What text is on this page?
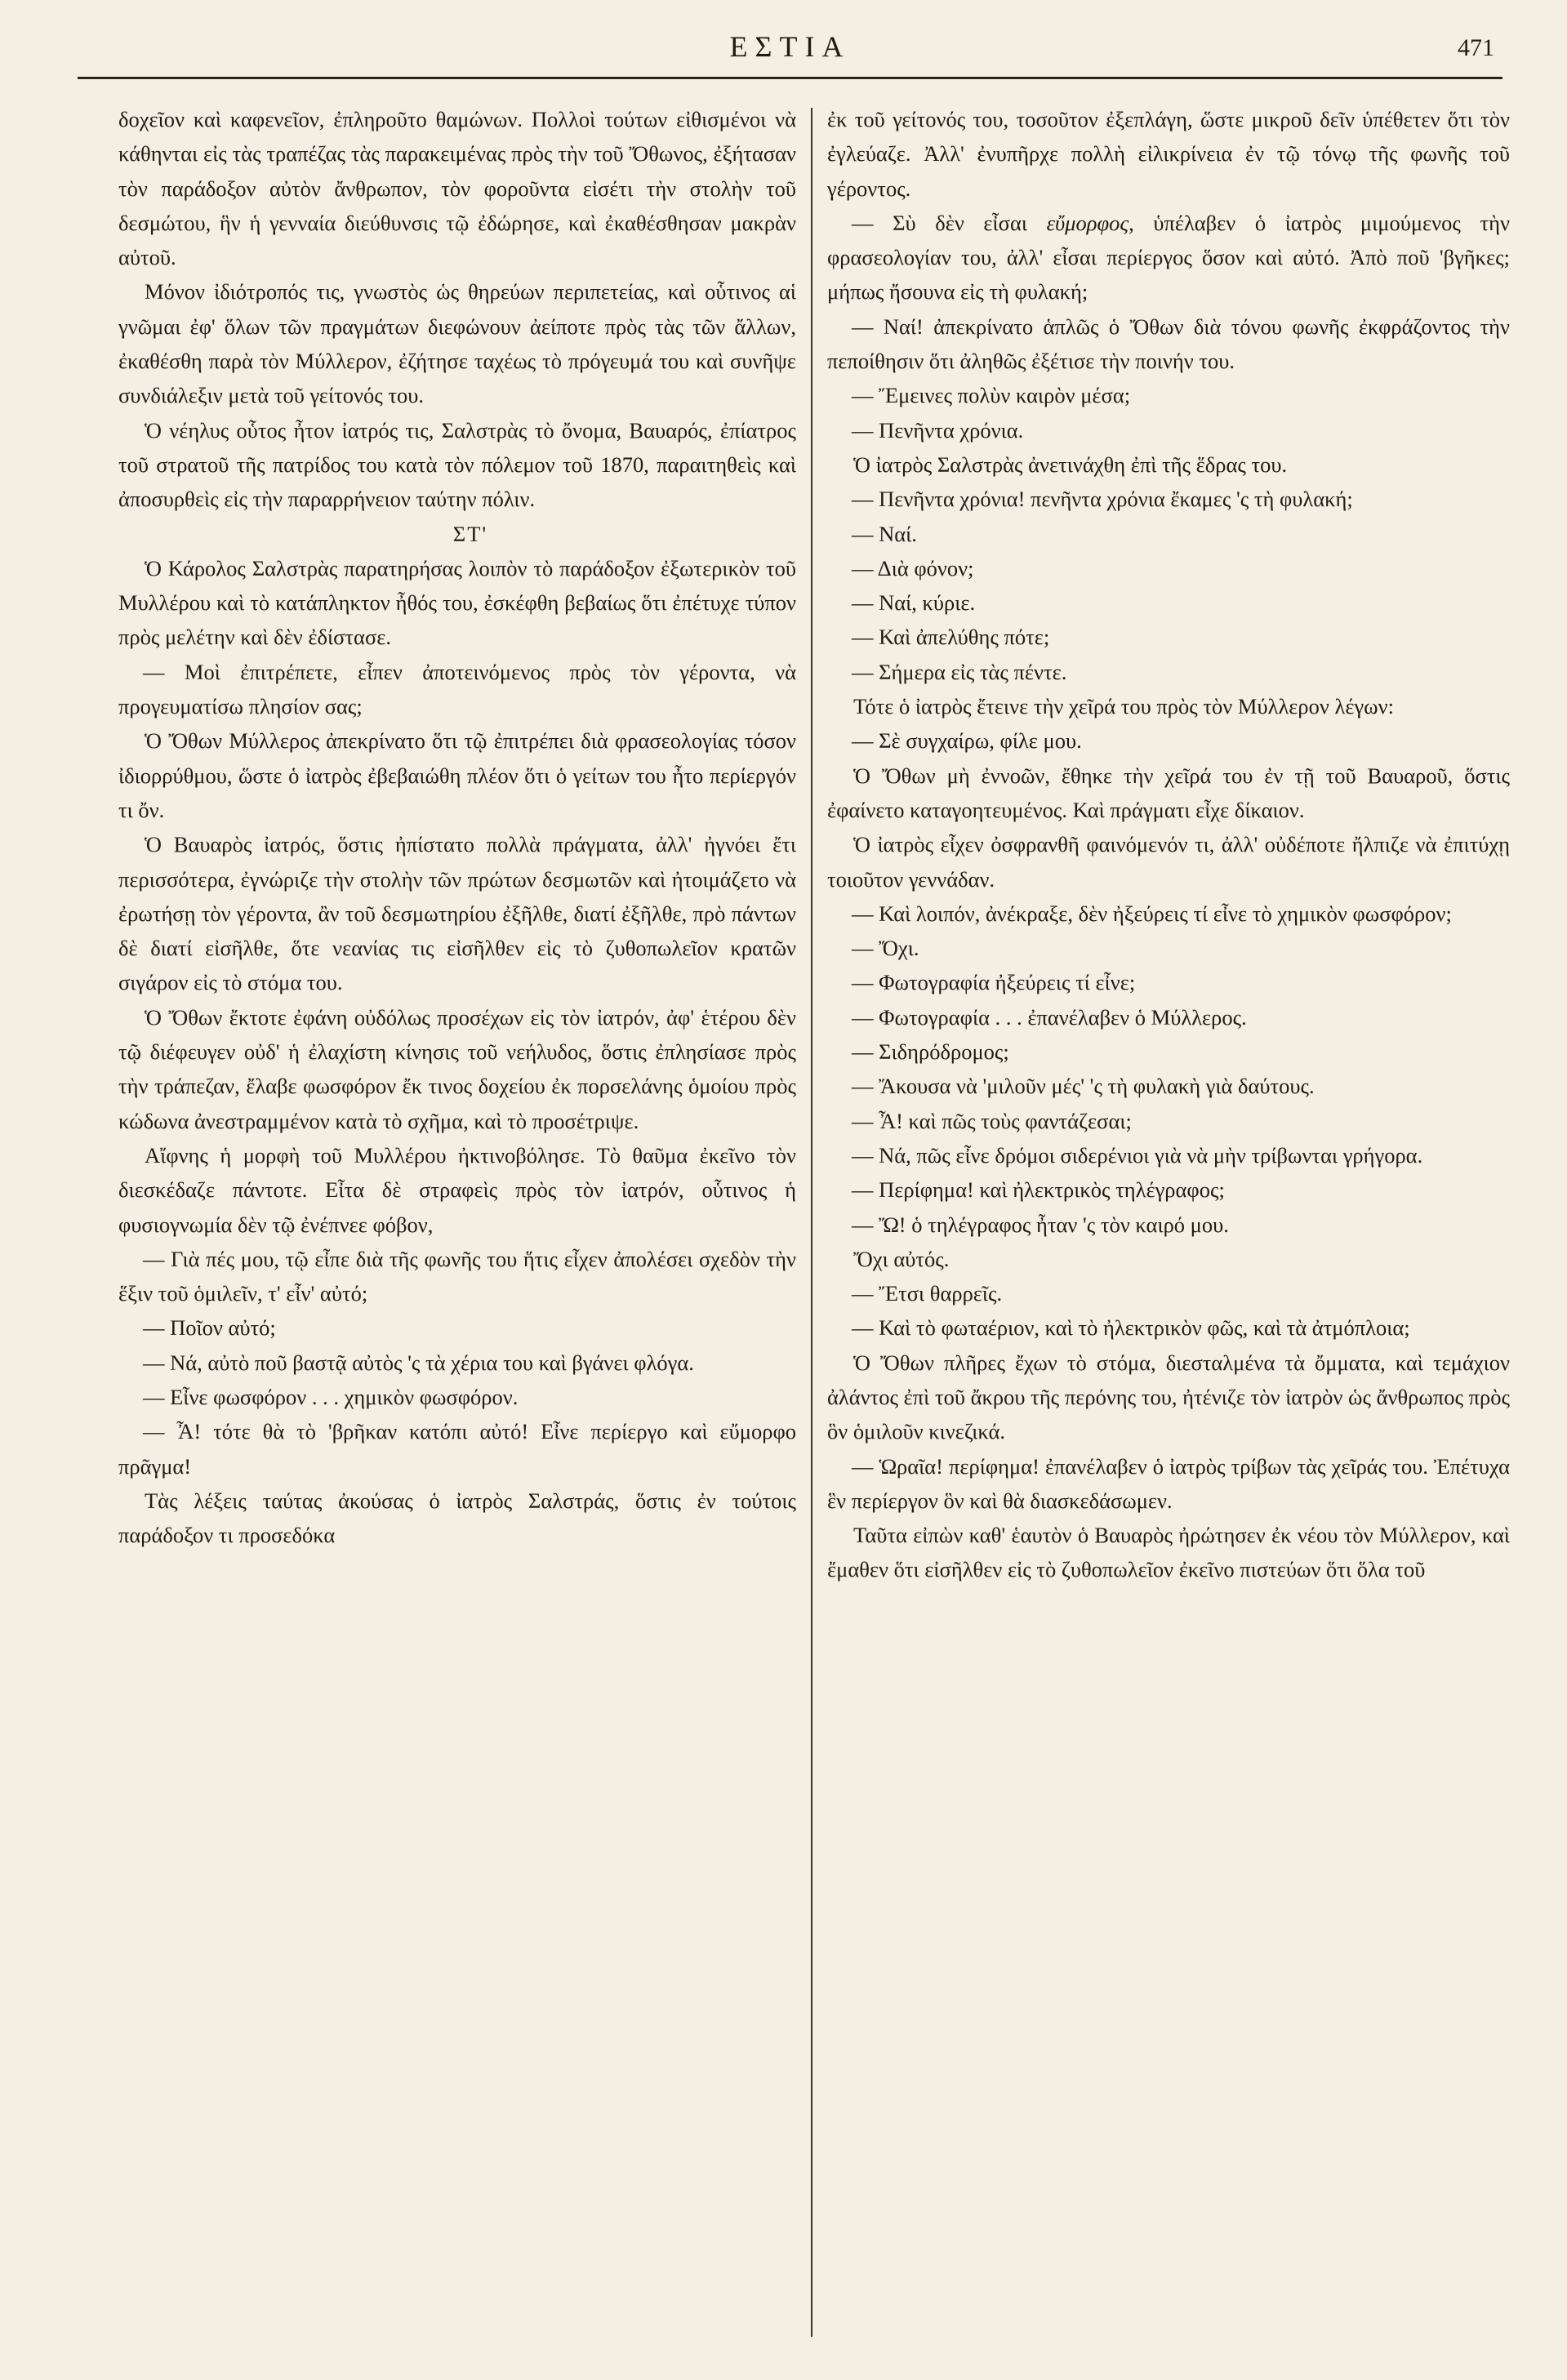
ΕΣΤΙΑ	471

δοχεῖον καὶ καφενεῖον, ἐπληροῦτο θαμώνων. Πολλοὶ τούτων εἰθισμένοι νὰ κάθηνται εἰς τὰς τραπέζας τὰς παρακειμένας πρὸς τὴν τοῦ Ὄθωνος, ἐξήτασαν τὸν παράδοξον αὐτὸν ἄνθρωπον, τὸν φοροῦντα εἰσέτι τὴν στολὴν τοῦ δεσμώτου, ἣν ἡ γενναία διεύθυνσις τῷ ἐδώρησε, καὶ ἐκαθέσθησαν μακρὰν αὐτοῦ.

Μόνον ἰδιότροπός τις, γνωστὸς ὡς θηρεύων περιπετείας, καὶ οὗτινος αἱ γνῶμαι ἐφ' ὅλων τῶν πραγμάτων διεφώνουν ἀείποτε πρὸς τὰς τῶν ἄλλων, ἐκαθέσθη παρὰ τὸν Μύλλερον, ἐζήτησε ταχέως τὸ πρόγευμά του καὶ συνῆψε συνδιάλεξιν μετὰ τοῦ γείτονός του.

Ὁ νέηλυς οὗτος ἦτον ἰατρός τις, Σαλστρὰς τὸ ὄνομα, Βαυαρός, ἐπίατρος τοῦ στρατοῦ τῆς πατρίδος του κατὰ τὸν πόλεμον τοῦ 1870, παραιτηθεὶς καὶ ἀποσυρθεὶς εἰς τὴν παραρρήνειον ταύτην πόλιν.

ΣΤ'

Ὁ Κάρολος Σαλστρὰς παρατηρήσας λοιπὸν τὸ παράδοξον ἐξωτερικὸν τοῦ Μυλλέρου καὶ τὸ κατάπληκτον ἦθός του, ἐσκέφθη βεβαίως ὅτι ἐπέτυχε τύπον πρὸς μελέτην καὶ δὲν ἐδίστασε.

— Μοὶ ἐπιτρέπετε, εἶπεν ἀποτεινόμενος πρὸς τὸν γέροντα, νὰ προγευματίσω πλησίον σας;

Ὁ Ὄθων Μύλλερος ἀπεκρίνατο ὅτι τῷ ἐπιτρέπει διὰ φρασεολογίας τόσον ἰδιορρύθμου, ὥστε ὁ ἰατρὸς ἐβεβαιώθη πλέον ὅτι ὁ γείτων του ἦτο περίεργόν τι ὄν.

Ὁ Βαυαρὸς ἰατρός, ὅστις ἠπίστατο πολλὰ πράγματα, ἀλλ' ἠγνόει ἔτι περισσότερα, ἐγνώριζε τὴν στολὴν τῶν πρώτων δεσμωτῶν καὶ ἠτοιμάζετο νὰ ἐρωτήσῃ τὸν γέροντα, ἂν τοῦ δεσμωτηρίου ἐξῆλθε, διατί ἐξῆλθε, πρὸ πάντων δὲ διατί εἰσῆλθε, ὅτε νεανίας τις εἰσῆλθεν εἰς τὸ ζυθοπωλεῖον κρατῶν σιγάρον εἰς τὸ στόμα του.

Ὁ Ὄθων ἔκτοτε ἐφάνη οὐδόλως προσέχων εἰς τὸν ἰατρόν, ἀφ' ἑτέρου δὲν τῷ διέφευγεν οὐδ' ἡ ἐλαχίστη κίνησις τοῦ νεήλυδος, ὅστις ἐπλησίασε πρὸς τὴν τράπεζαν, ἔλαβε φωσφόρον ἔκ τινος δοχείου ἐκ πορσελάνης ὁμοίου πρὸς κώδωνα ἀνεστραμμένον κατὰ τὸ σχῆμα, καὶ τὸ προσέτριψε.

Αἴφνης ἡ μορφὴ τοῦ Μυλλέρου ἠκτινοβόλησε. Τὸ θαῦμα ἐκεῖνο τὸν διεσκέδαζε πάντοτε. Εἶτα δὲ στραφεὶς πρὸς τὸν ἰατρόν, οὗτινος ἡ φυσιογνωμία δὲν τῷ ἐνέπνεε φόβον,

— Γιὰ πές μου, τῷ εἶπε διὰ τῆς φωνῆς του ἥτις εἶχεν ἀπολέσει σχεδὸν τὴν ἕξιν τοῦ ὁμιλεῖν, τ' εἶν' αὐτό;

— Ποῖον αὐτό;

— Νά, αὐτὸ ποῦ βαστᾷ αὐτὸς 'ς τὰ χέρια του καὶ βγάνει φλόγα.

— Εἶνε φωσφόρον . . . χημικὸν φωσφόρον.

— Ἆ! τότε θὰ τὸ 'βρῆκαν κατόπι αὐτό! Εἶνε περίεργο καὶ εὔμορφο πρᾶγμα!

Τὰς λέξεις ταύτας ἀκούσας ὁ ἰατρὸς Σαλστράς, ὅστις ἐν τούτοις παράδοξον τι προσεδόκα

ἐκ τοῦ γείτονός του, τοσοῦτον ἐξεπλάγη, ὥστε μικροῦ δεῖν ὑπέθετεν ὅτι τὸν ἐγλεύαζε. Ἀλλ' ἐνυπῆρχε πολλὴ εἰλικρίνεια ἐν τῷ τόνῳ τῆς φωνῆς τοῦ γέροντος.

— Σὺ δὲν εἶσαι εὔμορφος, ὑπέλαβεν ὁ ἰατρὸς μιμούμενος τὴν φρασεολογίαν του, ἀλλ' εἶσαι περίεργος ὅσον καὶ αὐτό. Ἀπὸ ποῦ 'βγῆκες; μήπως ἤσουνα εἰς τὴ φυλακή;

— Ναί! ἀπεκρίνατο ἁπλῶς ὁ Ὄθων διὰ τόνου φωνῆς ἐκφράζοντος τὴν πεποίθησιν ὅτι ἀληθῶς ἐξέτισε τὴν ποινήν του.

— Ἔμεινες πολὺν καιρὸν μέσα;

— Πενῆντα χρόνια.

Ὁ ἰατρὸς Σαλστρὰς ἀνετινάχθη ἐπὶ τῆς ἕδρας του.

— Πενῆντα χρόνια! πενῆντα χρόνια ἔκαμες 'ς τὴ φυλακή;

— Ναί.

— Διὰ φόνον;

— Ναί, κύριε.

— Καὶ ἀπελύθης πότε;

— Σήμερα εἰς τὰς πέντε.

Τότε ὁ ἰατρὸς ἔτεινε τὴν χεῖρά του πρὸς τὸν Μύλλερον λέγων:

— Σὲ συγχαίρω, φίλε μου.

Ὁ Ὄθων μὴ ἐννοῶν, ἔθηκε τὴν χεῖρά του ἐν τῇ τοῦ Βαυαροῦ, ὅστις ἐφαίνετο καταγοητευμένος. Καὶ πράγματι εἶχε δίκαιον.

Ὁ ἰατρὸς εἶχεν ὀσφρανθῆ φαινόμενόν τι, ἀλλ' οὐδέποτε ἤλπιζε νὰ ἐπιτύχῃ τοιοῦτον γεννάδαν.

— Καὶ λοιπόν, ἀνέκραξε, δὲν ἠξεύρεις τί εἶνε τὸ χημικὸν φωσφόρον;

— Ὄχι.

— Φωτογραφία ἠξεύρεις τί εἶνε;

— Φωτογραφία . . . ἐπανέλαβεν ὁ Μύλλερος.

— Σιδηρόδρομος;

— Ἄκουσα νὰ 'μιλοῦν μές' 'ς τὴ φυλακὴ γιὰ δαύτους.

— Ἆ! καὶ πῶς τοὺς φαντάζεσαι;

— Νά, πῶς εἶνε δρόμοι σιδερένιοι γιὰ νὰ μὴν τρίβωνται γρήγορα.

— Περίφημα! καὶ ἠλεκτρικὸς τηλέγραφος;

— Ὤ! ὁ τηλέγραφος ἦταν 'ς τὸν καιρό μου.

Ὄχι αὐτός.

— Ἔτσι θαρρεῖς.

— Καὶ τὸ φωταέριον, καὶ τὸ ἠλεκτρικὸν φῶς, καὶ τὰ ἀτμόπλοια;

Ὁ Ὄθων πλῆρες ἔχων τὸ στόμα, διεσταλμένα τὰ ὄμματα, καὶ τεμάχιον ἀλάντος ἐπὶ τοῦ ἄκρου τῆς περόνης του, ἠτένιζε τὸν ἰατρὸν ὡς ἄνθρωπος πρὸς ὃν ὁμιλοῦν κινεζικά.

— Ὡραῖα! περίφημα! ἐπανέλαβεν ὁ ἰατρὸς τρίβων τὰς χεῖράς του. Ἐπέτυχα ἓν περίεργον ὃν καὶ θὰ διασκεδάσωμεν.

Ταῦτα εἰπὼν καθ' ἑαυτὸν ὁ Βαυαρὸς ἠρώτησεν ἐκ νέου τὸν Μύλλερον, καὶ ἔμαθεν ὅτι εἰσῆλθεν εἰς τὸ ζυθοπωλεῖον ἐκεῖνο πιστεύων ὅτι ὅλα τοῦ
